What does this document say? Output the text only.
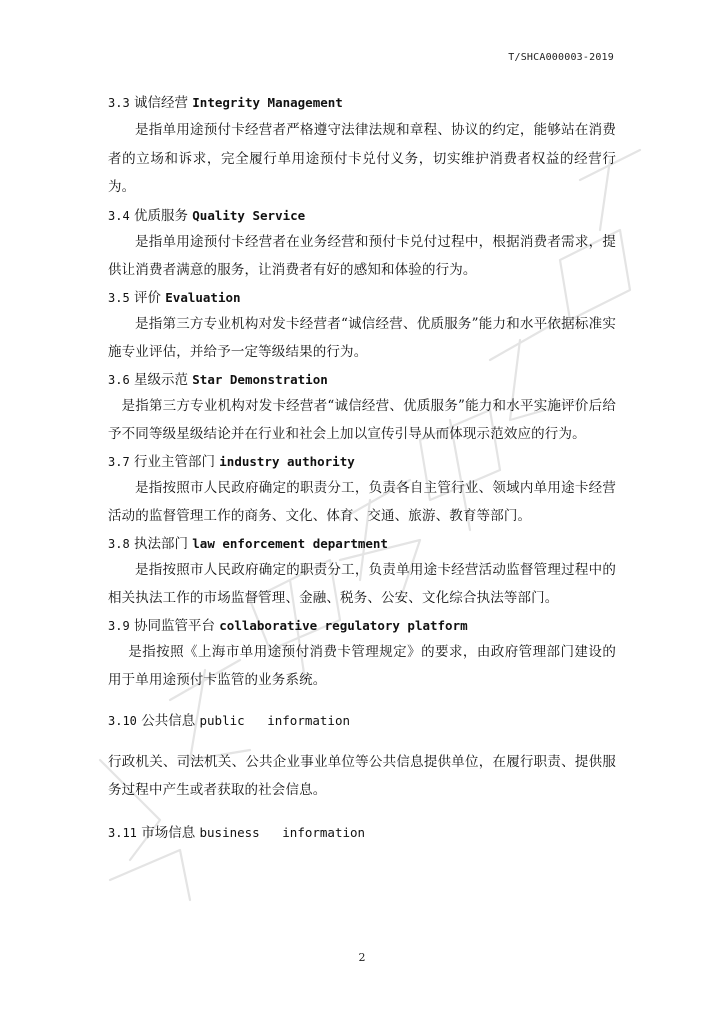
T/SHCA000003-2019

3.3 诚信经营 Integrity Management

是指单用途预付卡经营者严格遵守法律法规和章程、协议的约定，能够站在消费者的立场和诉求，完全履行单用途预付卡兑付义务，切实维护消费者权益的经营行为。

3.4 优质服务 Quality Service

是指单用途预付卡经营者在业务经营和预付卡兑付过程中，根据消费者需求，提供让消费者满意的服务，让消费者有好的感知和体验的行为。

3.5 评价 Evaluation

是指第三方专业机构对发卡经营者“诚信经营、优质服务”能力和水平依据标准实施专业评估，并给予一定等级结果的行为。

3.6 星级示范 Star Demonstration

是指第三方专业机构对发卡经营者“诚信经营、优质服务”能力和水平实施评价后给予不同等级星级结论并在行业和社会上加以宣传引导从而体现示范效应的行为。

3.7 行业主管部门 industry authority

是指按照市人民政府确定的职责分工，负责各自主管行业、领域内单用途卡经营活动的监督管理工作的商务、文化、体育、交通、旅游、教育等部门。

3.8 执法部门 law enforcement department

是指按照市人民政府确定的职责分工，负责单用途卡经营活动监督管理过程中的相关执法工作的市场监督管理、金融、税务、公安、文化综合执法等部门。

3.9 协同监管平台 collaborative regulatory platform

是指按照《上海市单用途预付消费卡管理规定》的要求，由政府管理部门建设的用于单用途预付卡监管的业务系统。

3.10 公共信息 public   information

行政机关、司法机关、公共企业事业单位等公共信息提供单位，在履行职责、提供服务过程中产生或者获取的社会信息。

3.11 市场信息 business   information

2
